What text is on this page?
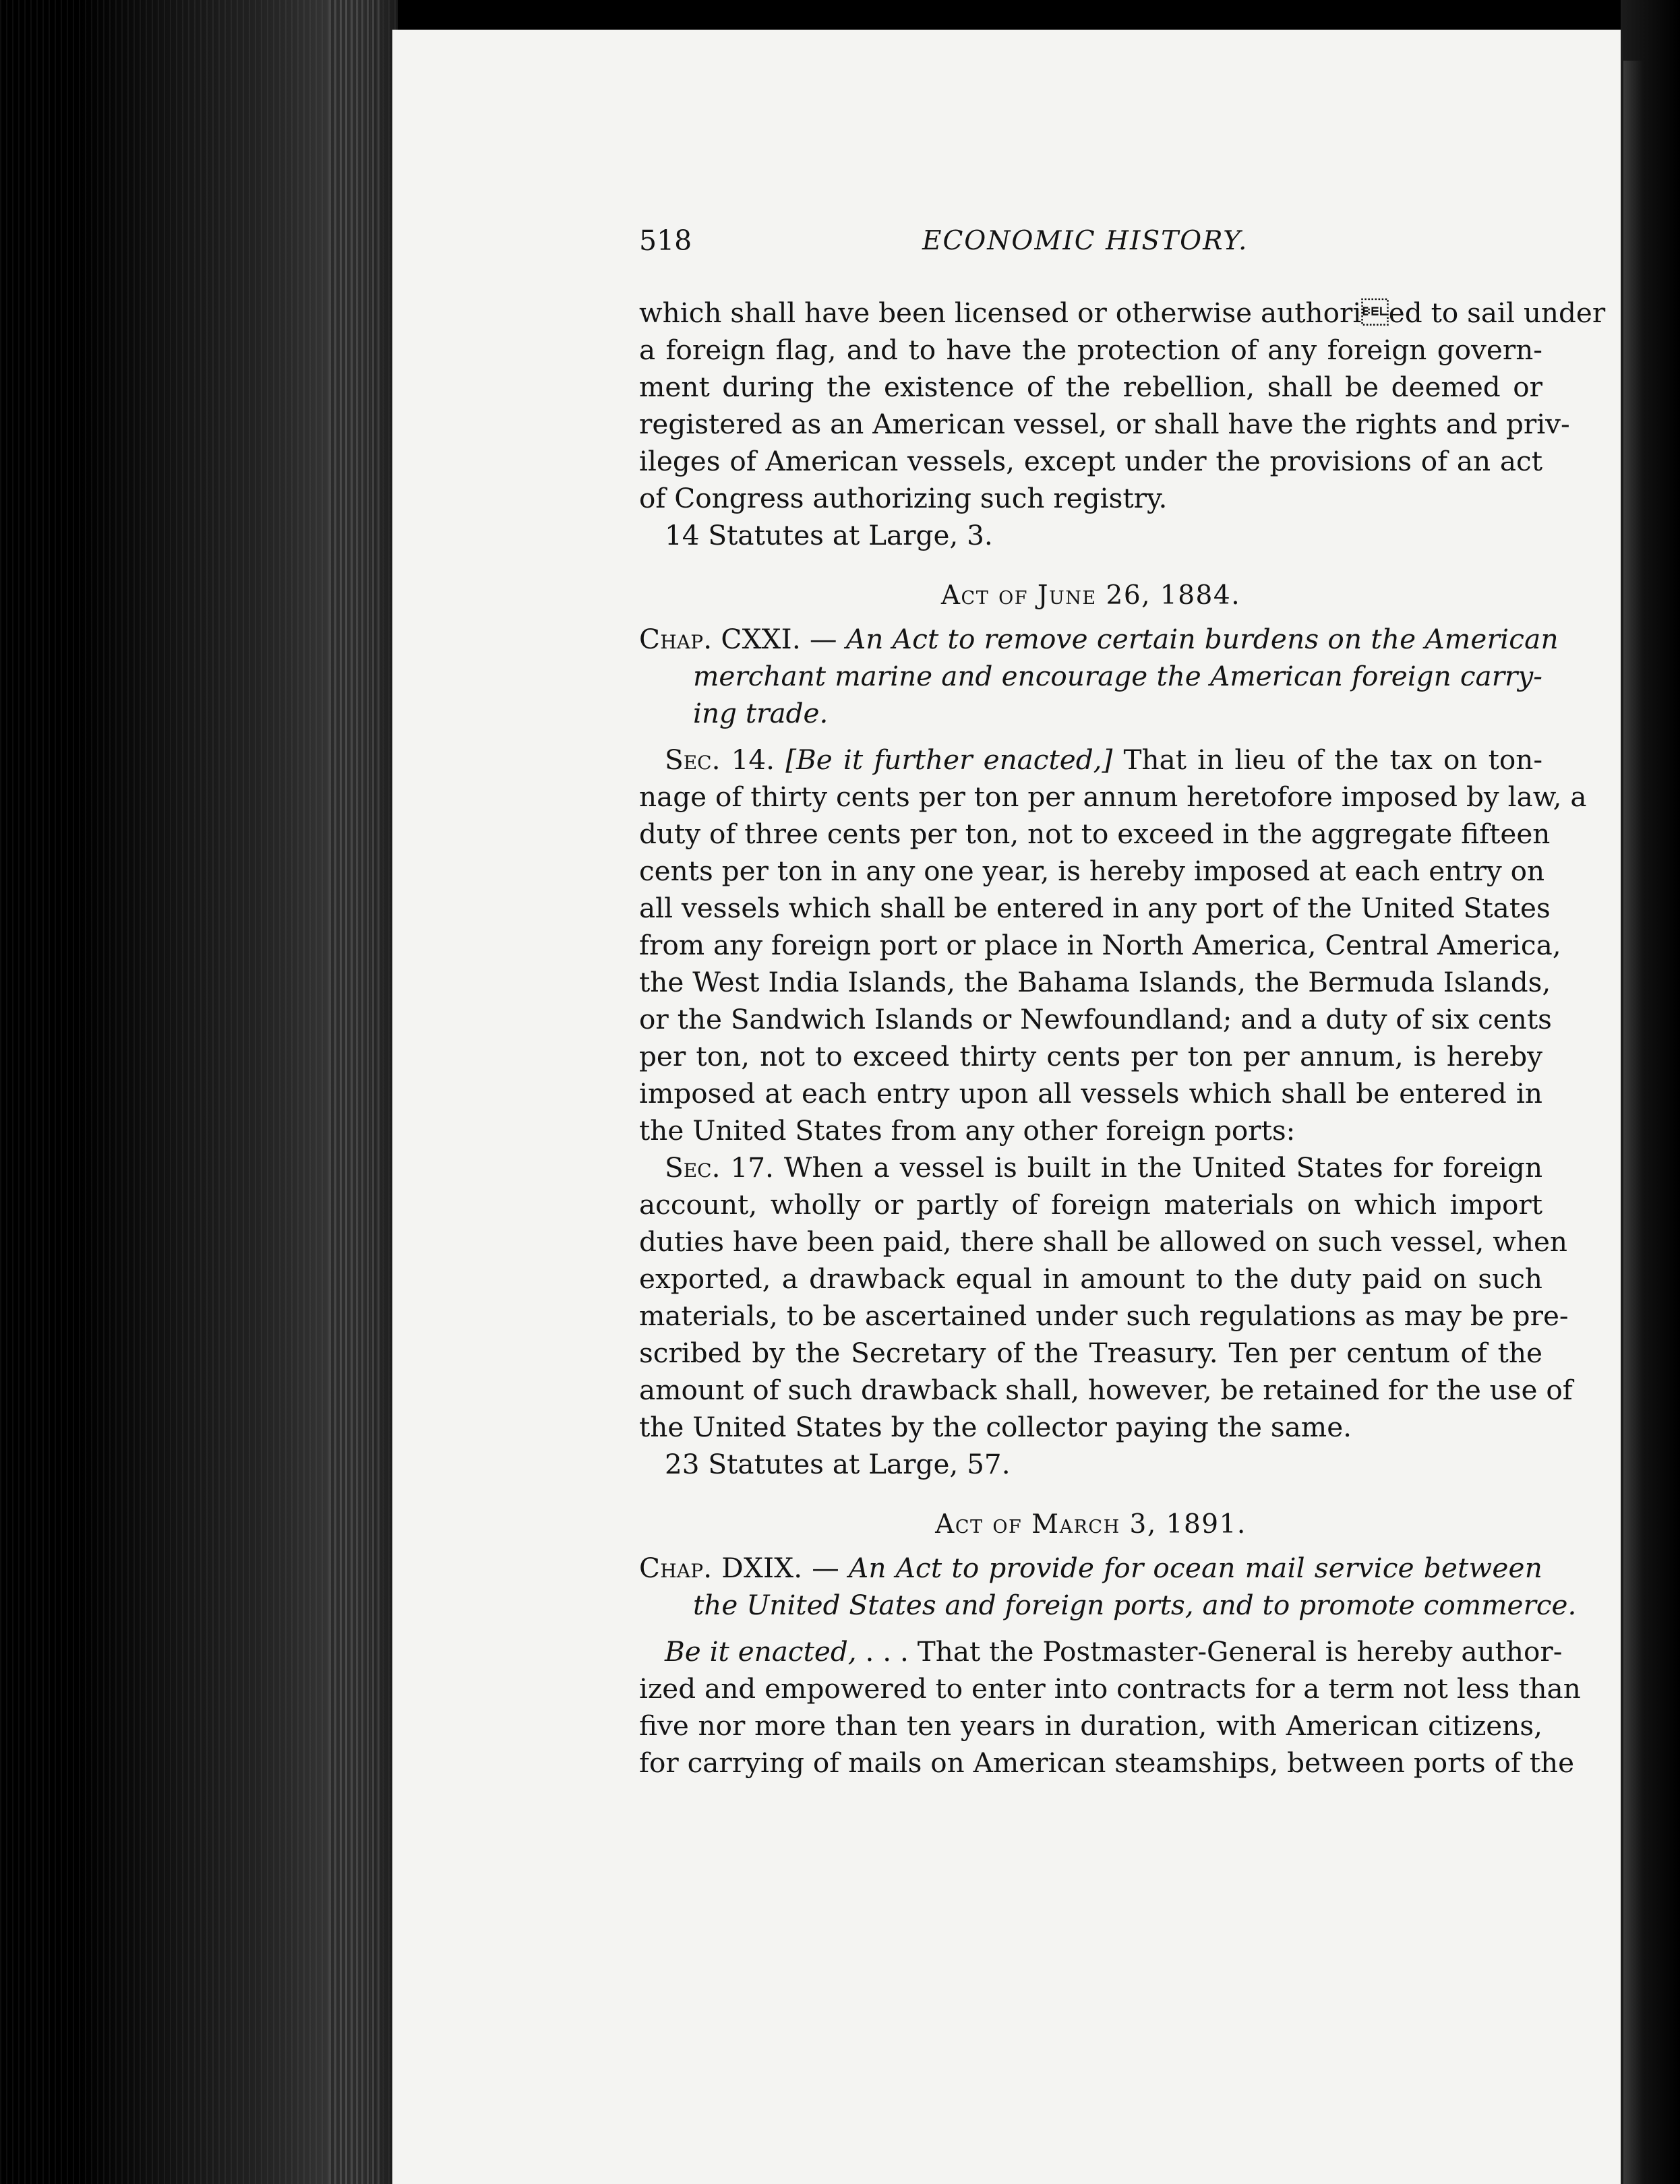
518	ECONOMIC HISTORY.
which shall have been licensed or otherwise authoried to sail under
a foreign flag, and to have the protection of any foreign govern-
ment during the existence of the rebellion, shall be deemed or
registered as an American vessel, or shall have the rights and priv-
ileges of American vessels, except under the provisions of an act
of Congress authorizing such registry.
14 Statutes at Large, 3.
Act of June 26, 1884.
Chap. CXXI. — An Act to remove certain burdens on the American
merchant marine and encourage the American foreign carry-
ing trade.
Sec. 14. [Be it further enacted,] That in lieu of the tax on ton-
nage of thirty cents per ton per annum heretofore imposed by law, a
duty of three cents per ton, not to exceed in the aggregate fifteen
cents per ton in any one year, is hereby imposed at each entry on
all vessels which shall be entered in any port of the United States
from any foreign port or place in North America, Central America,
the West India Islands, the Bahama Islands, the Bermuda Islands,
or the Sandwich Islands or Newfoundland; and a duty of six cents
per ton, not to exceed thirty cents per ton per annum, is hereby
imposed at each entry upon all vessels which shall be entered in
the United States from any other foreign ports:
Sec. 17. When a vessel is built in the United States for foreign
account, wholly or partly of foreign materials on which import
duties have been paid, there shall be allowed on such vessel, when
exported, a drawback equal in amount to the duty paid on such
materials, to be ascertained under such regulations as may be pre-
scribed by the Secretary of the Treasury. Ten per centum of the
amount of such drawback shall, however, be retained for the use of
the United States by the collector paying the same.
23 Statutes at Large, 57.
Act of March 3, 1891.
Chap. DXIX. — An Act to provide for ocean mail service between
the United States and foreign ports, and to promote commerce.
Be it enacted, . . . That the Postmaster-General is hereby author-
ized and empowered to enter into contracts for a term not less than
five nor more than ten years in duration, with American citizens,
for carrying of mails on American steamships, between ports of the
